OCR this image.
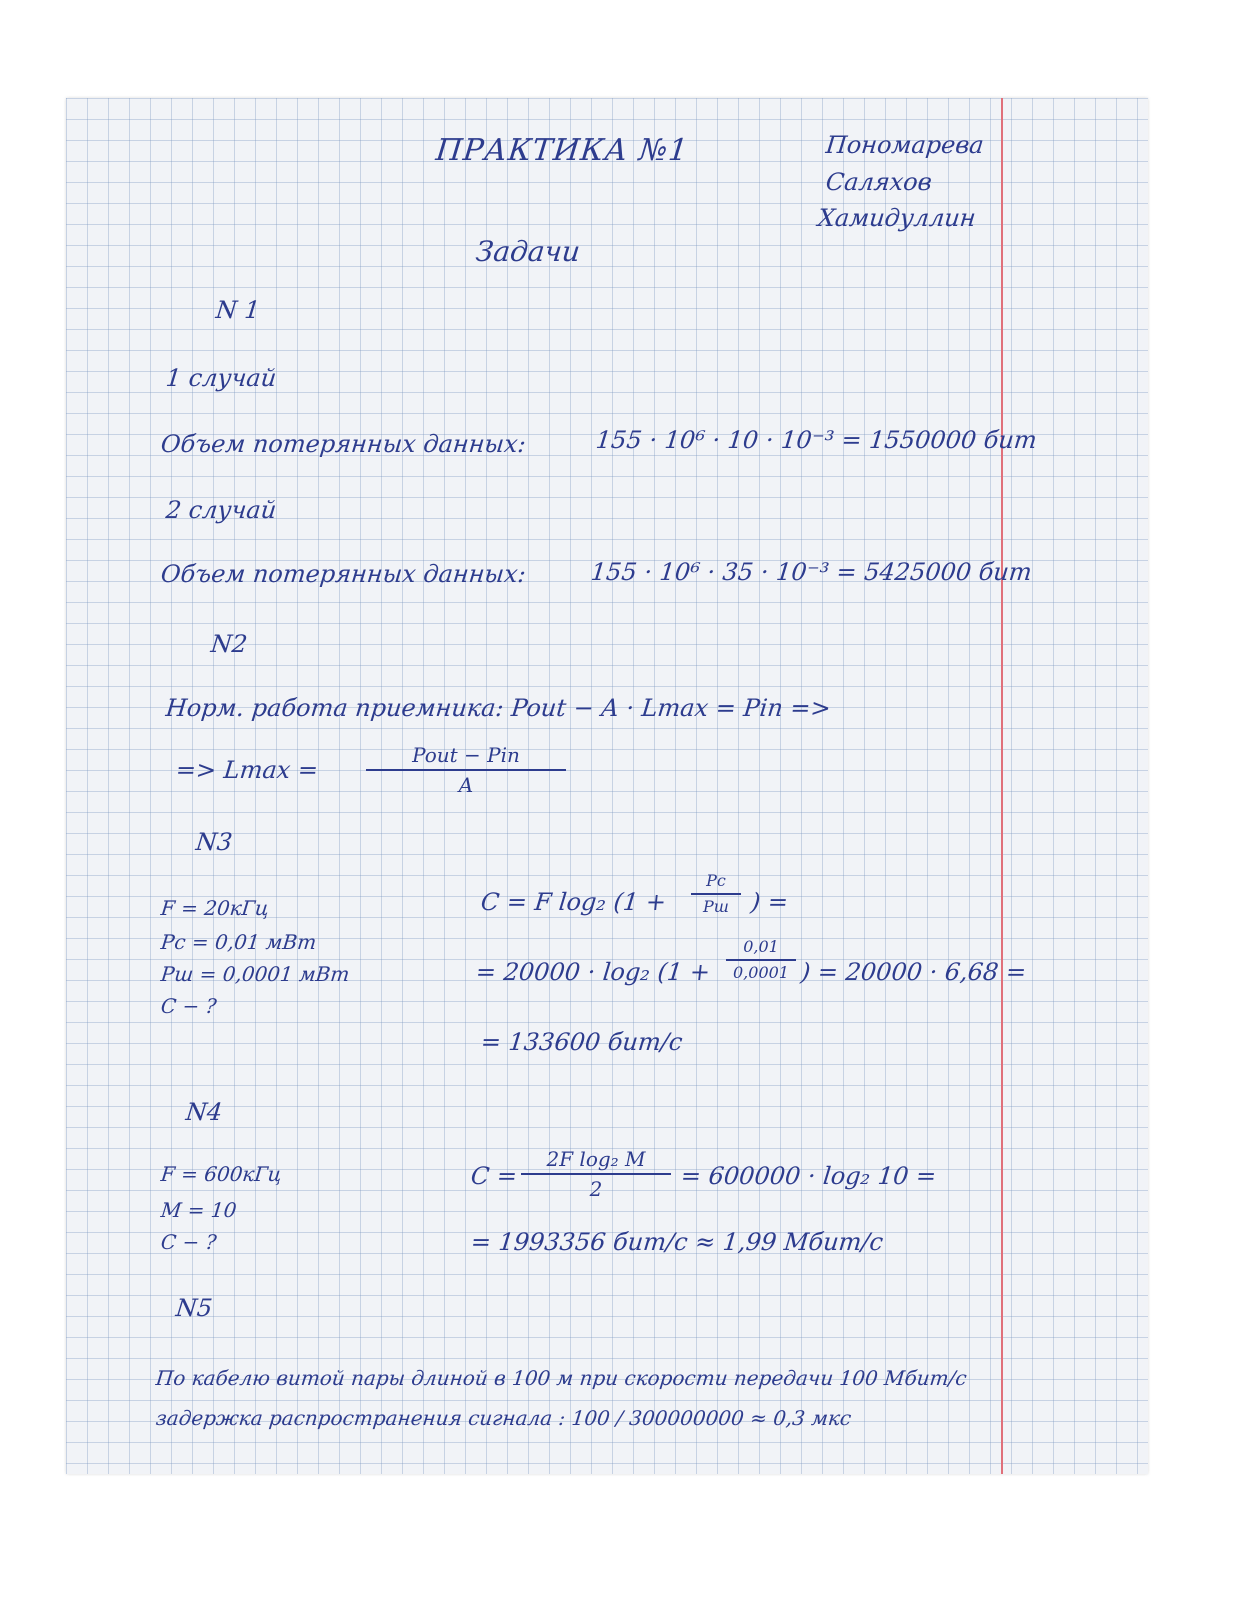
ПРАКТИКА №1	Пономарева
Саляхов
Хамидуллин
Задачи
N 1
1 случай
Объем потерянных данных:	155 · 10⁶ · 10 · 10⁻³ = 1550000 бит
2 случай
Объем потерянных данных:	155 · 10⁶ · 35 · 10⁻³ = 5425000 бит
N2
Норм. работа приемника: Pout − A · Lmax = Pin =>
=> Lmax =
Pout − Pin
A
N3
F = 20кГц
Pc = 0,01 мВт
Pш = 0,0001 мВт
C − ?
C = F log₂ (1 +
Pc
Pш ) =
= 20000 · log₂ (1 +
0,01
0,0001 ) = 20000 · 6,68 =
= 133600 бит/с
N4
F = 600кГц
M = 10
C − ?
C =
2F log₂ M
2	= 600000 · log₂ 10 =
= 1993356 бит/с ≈ 1,99 Мбит/с
N5
По кабелю витой пары длиной в 100 м при скорости передачи 100 Мбит/с
задержка распространения сигнала : 100 / 300000000 ≈ 0,3 мкс
